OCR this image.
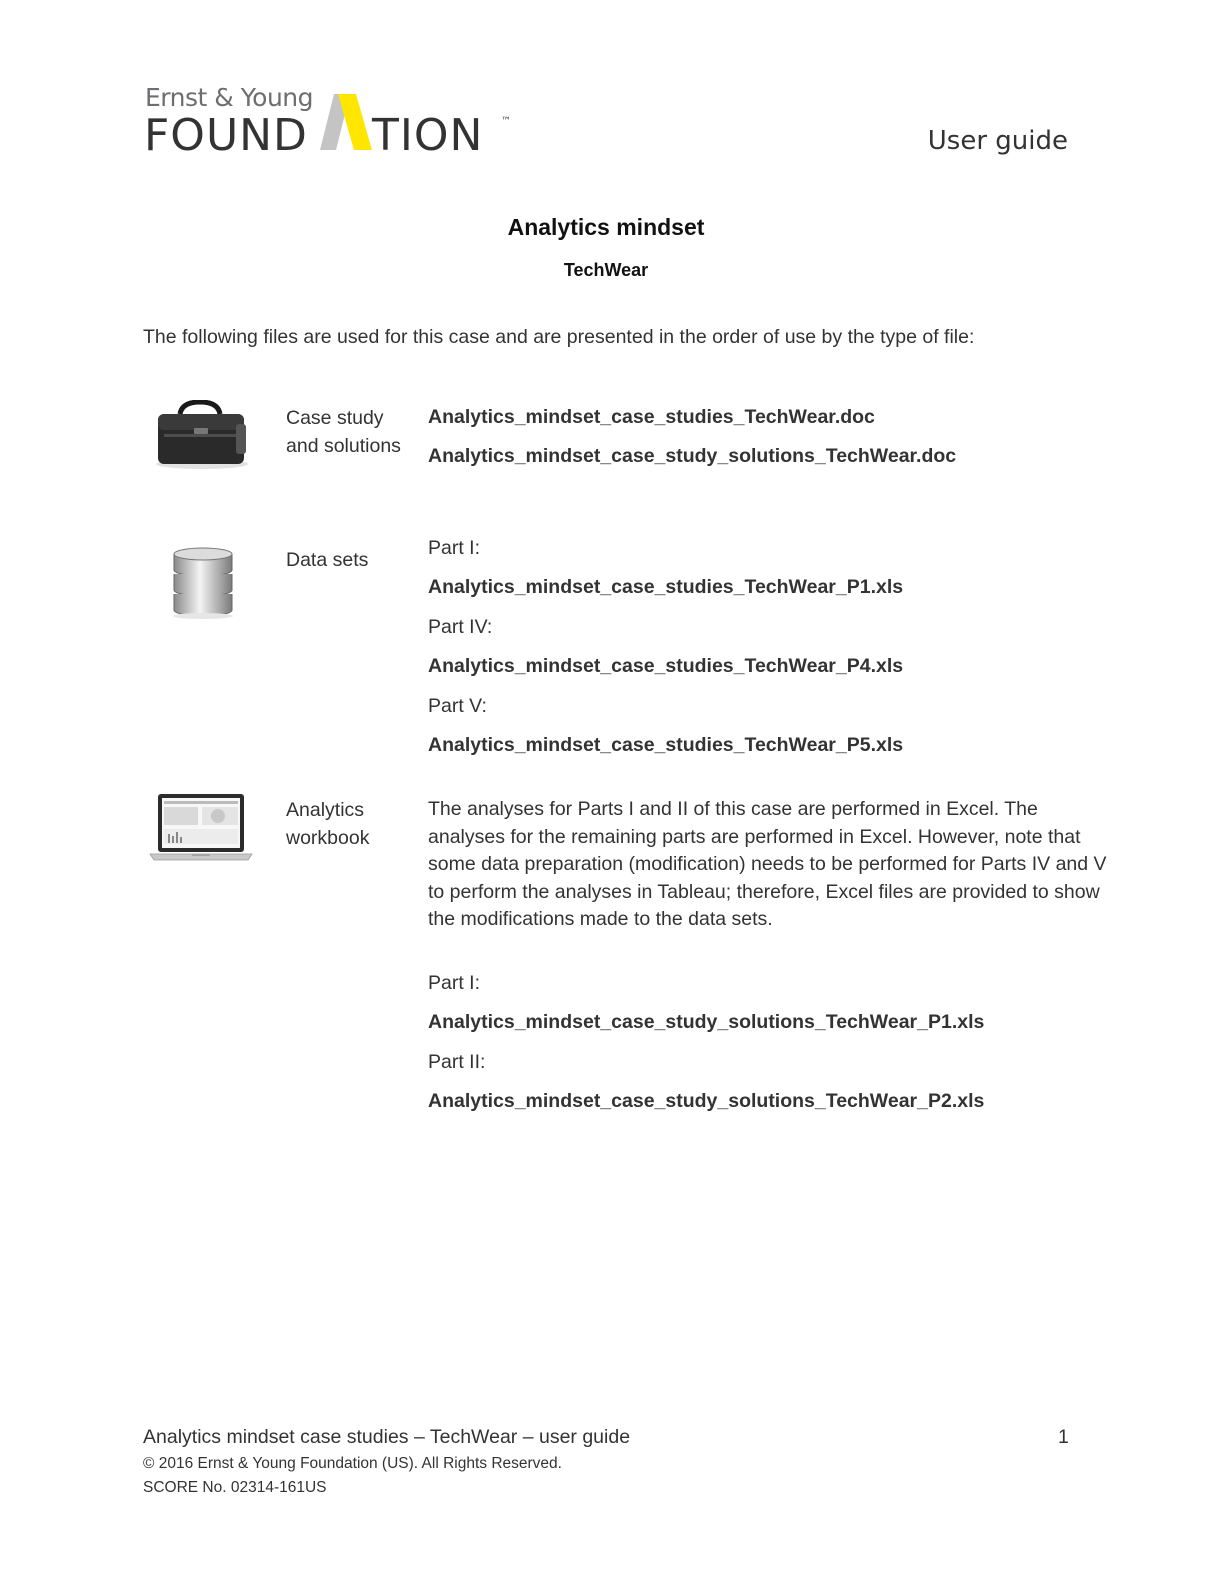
Ernst & Young
FOUND TION ™
User guide
Analytics mindset
TechWear
The following files are used for this case and are presented in the order of use by the type of file:
Case study
and solutions
Analytics_mindset_case_studies_TechWear.doc
Analytics_mindset_case_study_solutions_TechWear.doc
Data sets
Part I:
Analytics_mindset_case_studies_TechWear_P1.xls
Part IV:
Analytics_mindset_case_studies_TechWear_P4.xls
Part V:
Analytics_mindset_case_studies_TechWear_P5.xls
Analytics
workbook
The analyses for Parts I and II of this case are performed in Excel. The analyses for the remaining parts are performed in Excel. However, note that some data preparation (modification) needs to be performed for Parts IV and V to perform the analyses in Tableau; therefore, Excel files are provided to show the modifications made to the data sets.
Part I:
Analytics_mindset_case_study_solutions_TechWear_P1.xls
Part II:
Analytics_mindset_case_study_solutions_TechWear_P2.xls
Analytics mindset case studies – TechWear – user guide	1
© 2016 Ernst & Young Foundation (US). All Rights Reserved.
SCORE No. 02314-161US
